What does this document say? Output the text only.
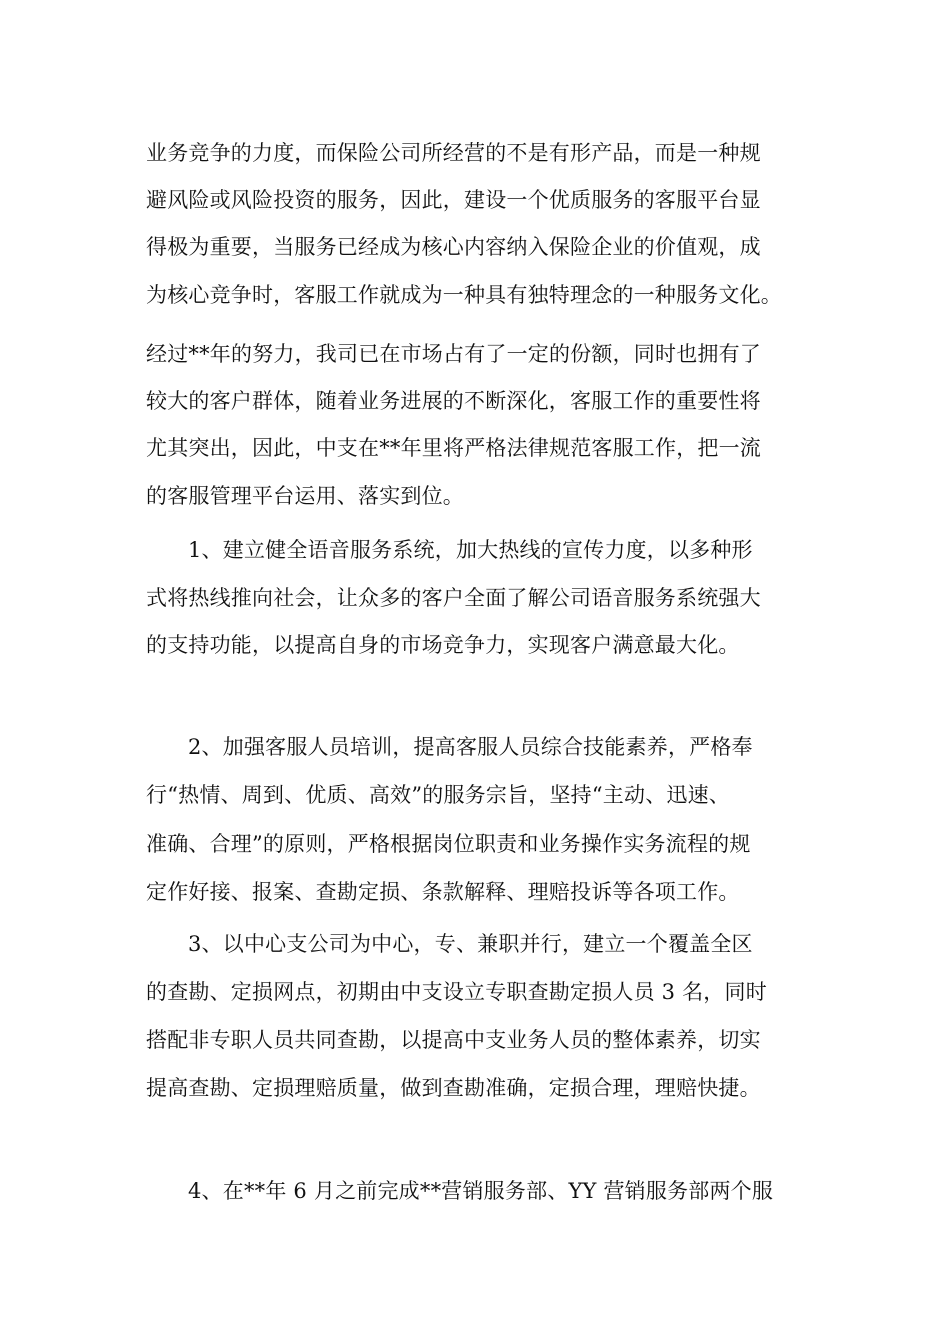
业务竞争的力度，而保险公司所经营的不是有形产品，而是一种规
避风险或风险投资的服务，因此，建设一个优质服务的客服平台显
得极为重要，当服务已经成为核心内容纳入保险企业的价值观，成
为核心竞争时，客服工作就成为一种具有独特理念的一种服务文化。
经过**年的努力，我司已在市场占有了一定的份额，同时也拥有了
较大的客户群体，随着业务进展的不断深化，客服工作的重要性将
尤其突出，因此，中支在**年里将严格法律规范客服工作，把一流
的客服管理平台运用、落实到位。
1、建立健全语音服务系统，加大热线的宣传力度，以多种形
式将热线推向社会，让众多的客户全面了解公司语音服务系统强大
的支持功能，以提高自身的市场竞争力，实现客户满意最大化。
2、加强客服人员培训，提高客服人员综合技能素养，严格奉
行“热情、周到、优质、高效”的服务宗旨，坚持“主动、迅速、
准确、合理”的原则，严格根据岗位职责和业务操作实务流程的规
定作好接、报案、查勘定损、条款解释、理赔投诉等各项工作。
3、以中心支公司为中心，专、兼职并行，建立一个覆盖全区
的查勘、定损网点，初期由中支设立专职查勘定损人员 3 名，同时
搭配非专职人员共同查勘，以提高中支业务人员的整体素养，切实
提高查勘、定损理赔质量，做到查勘准确，定损合理，理赔快捷。
4、在**年 6 月之前完成**营销服务部、YY 营销服务部两个服
